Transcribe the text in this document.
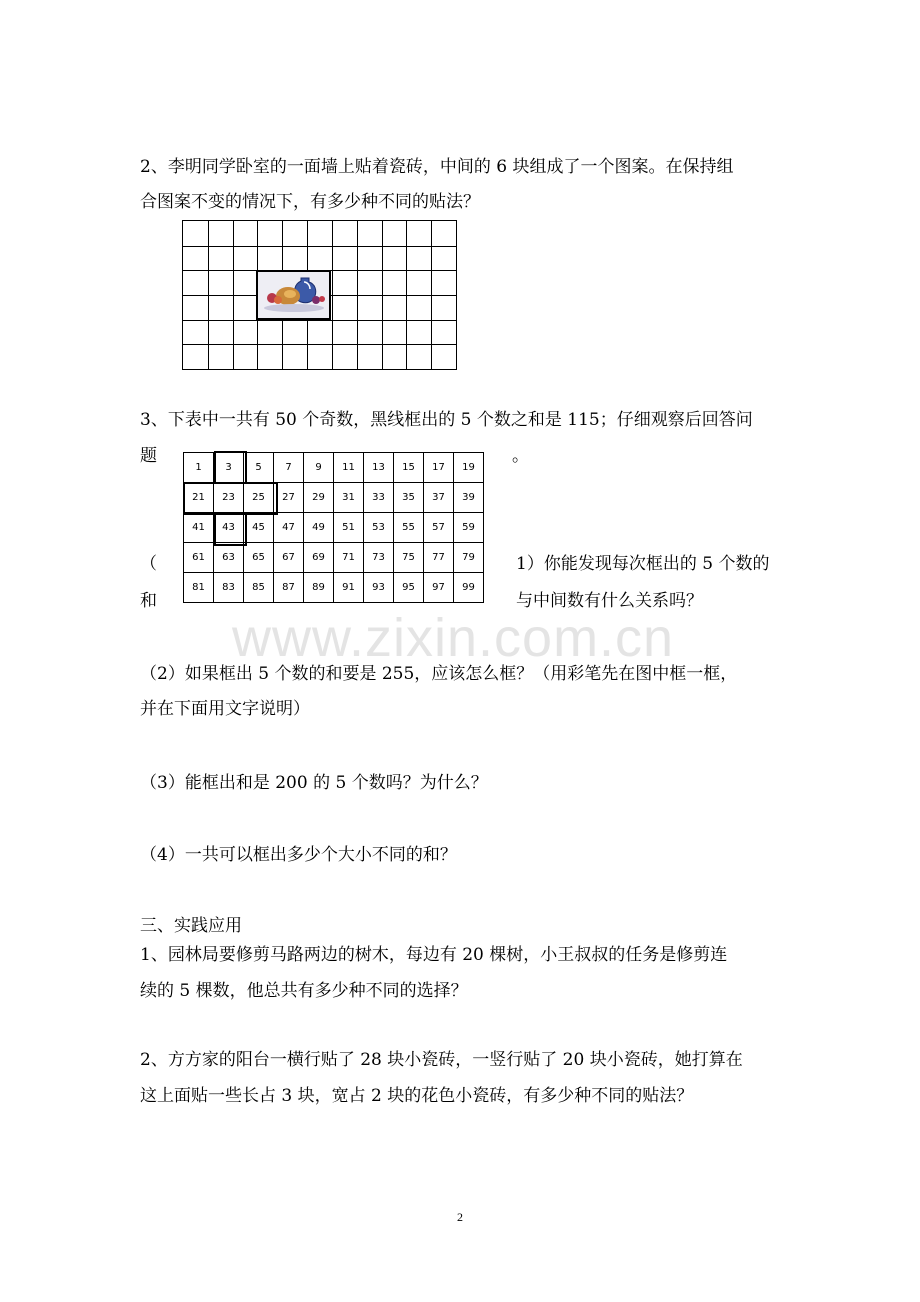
2、李明同学卧室的一面墙上贴着瓷砖，中间的 6 块组成了一个图案。在保持组
合图案不变的情况下，有多少种不同的贴法？
3、下表中一共有 50 个奇数，黑线框出的 5 个数之和是 115；仔细观察后回答问
题	。
（
和
1）你能发现每次框出的 5 个数的
与中间数有什么关系吗？
1	3	5	7	9	11	13	15	17	19
21	23	25	27	29	31	33	35	37	39
41	43	45	47	49	51	53	55	57	59
61	63	65	67	69	71	73	75	77	79
81	83	85	87	89	91	93	95	97	99
www.zixin.com.cn
（2）如果框出 5 个数的和要是 255，应该怎么框？（用彩笔先在图中框一框，
并在下面用文字说明）
（3）能框出和是 200 的 5 个数吗？为什么？
（4）一共可以框出多少个大小不同的和？
三、实践应用
1、园林局要修剪马路两边的树木，每边有 20 棵树，小王叔叔的任务是修剪连
续的 5 棵数，他总共有多少种不同的选择？
2、方方家的阳台一横行贴了 28 块小瓷砖，一竖行贴了 20 块小瓷砖，她打算在
这上面贴一些长占 3 块，宽占 2 块的花色小瓷砖，有多少种不同的贴法？
2
